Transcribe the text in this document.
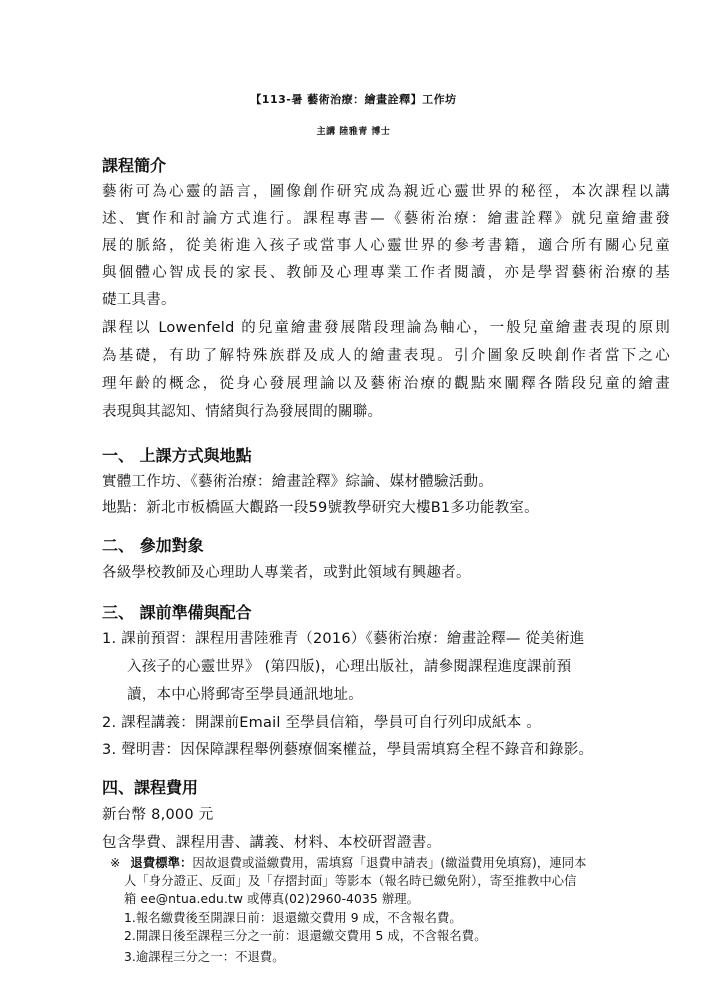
【113-暑 藝術治療：繪畫詮釋】工作坊
主講 陸雅青 博士
課程簡介
藝術可為心靈的語言，圖像創作研究成為親近心靈世界的秘徑，本次課程以講
述、實作和討論方式進行。課程專書—《藝術治療：繪畫詮釋》就兒童繪畫發
展的脈絡，從美術進入孩子或當事人心靈世界的參考書籍，適合所有關心兒童
與個體心智成長的家長、教師及心理專業工作者閱讀，亦是學習藝術治療的基
礎工具書。
課程以 Lowenfeld 的兒童繪畫發展階段理論為軸心，一般兒童繪畫表現的原則
為基礎，有助了解特殊族群及成人的繪畫表現。引介圖象反映創作者當下之心
理年齡的概念，從身心發展理論以及藝術治療的觀點來闡釋各階段兒童的繪畫
表現與其認知、情緒與行為發展間的關聯。
一、 上課方式與地點
實體工作坊、《藝術治療：繪畫詮釋》綜論、媒材體驗活動。
地點：新北市板橋區大觀路一段59號教學研究大樓B1多功能教室。
二、 參加對象
各級學校教師及心理助人專業者，或對此領域有興趣者。
三、 課前準備與配合
1. 課前預習：課程用書陸雅青（2016）《藝術治療：繪畫詮釋— 從美術進
入孩子的心靈世界》 (第四版)，心理出版社，請參閱課程進度課前預
讀，本中心將郵寄至學員通訊地址。
2. 課程講義：開課前Email 至學員信箱，學員可自行列印成紙本 。
3. 聲明書：因保障課程舉例藝療個案權益，學員需填寫全程不錄音和錄影。
四、課程費用
新台幣 8,000 元
包含學費、課程用書、講義、材料、本校研習證書。
※ 退費標準：因故退費或溢繳費用，需填寫「退費申請表」(繳溢費用免填寫)，連同本
人「身分證正、反面」及「存摺封面」等影本（報名時已繳免附），寄至推教中心信
箱 ee@ntua.edu.tw 或傳真(02)2960-4035 辦理。
1.報名繳費後至開課日前：退還繳交費用 9 成，不含報名費。
2.開課日後至課程三分之一前：退還繳交費用 5 成，不含報名費。
3.逾課程三分之一：不退費。
